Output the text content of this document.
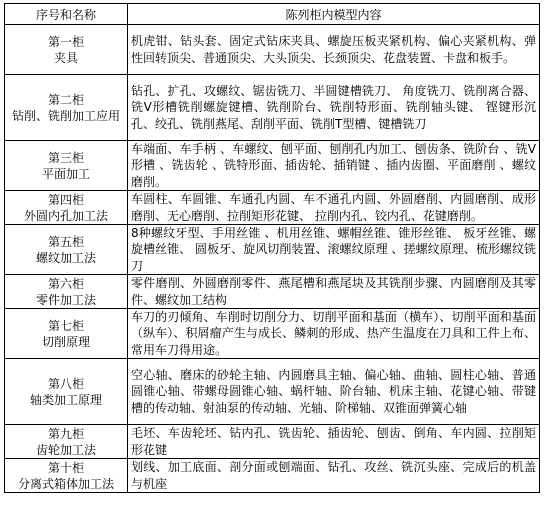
序号和名称	陈列柜内模型内容

第一柜
夹具	机虎钳、钻头套、固定式钻床夹具、螺旋压板夹紧机构、偏心夹紧机构、弹性回转顶尖、普通顶尖、大头顶尖、长颈顶尖、花盘装置、卡盘和板手。

第二柜
钻削、铣削加工应用	钻孔、扩孔、攻螺纹、锯齿铣刀、半圆键槽铣刀、 角度铣刀、铣削离合器、铣V形槽铣削螺旋键槽、铣削阶台、铣削特形面、铣削轴头键、 铿键形沉孔、绞孔、铣削燕尾、刮削平面、铣削T型槽、键槽铣刀

第三柜
平面加工	车端面、车手柄 、车螺纹、刨平面、刨削孔内加工、刨齿条、铣阶台 、铣V形槽 、铣齿轮 、铣特形面、插齿轮、插销键 、插内齿圈、平面磨削 、螺纹磨削。

第四柜
外圆内孔加工法	车圆柱、车圆锥、车通孔内圆、车不通孔内圆、外圆磨削、内圆磨削、成形磨削、无心磨削、拉削矩形花键、 拉削内孔、铰内孔、花键磨削。

第五柜
螺纹加工法	8种螺纹牙型、手用丝锥 、机用丝锥、螺帽丝锥、锥形丝锥、 板牙丝锥、螺旋槽丝锥、 圆板牙、旋风切削装置、滚螺纹原理 、搓螺纹原理、梳形螺纹铣刀

第六柜
零件加工法	零件磨削、外圆磨削零件、燕尾槽和燕尾块及其铣削步骤、内圆磨削及其零件、螺纹加工结构

第七柜
切削原理	车刀的刃倾角、车削时切削分力、切削平面和基面（横车）、切削平面和基面（纵车）、积屑瘤产生与成长、鳞刺的形成、热产生温度在刀具和工件上布、常用车刀得用途。

第八柜
轴类加工原理	空心轴、磨床的砂轮主轴、内圆磨具主轴、偏心轴、曲轴、圆柱心轴、普通圆锥心轴、带螺母圆锥心轴、蜗杆轴、阶台轴、机床主轴、花键心轴、带键槽的传动轴、射油泵的传动轴、光轴、阶梯轴、双锥面弹簧心轴

第九柜
齿轮加工法	毛坯、车齿轮坯、钻内孔、铣齿轮、插齿轮、刨齿、倒角、车内圆、拉削矩形花键

第十柜
分离式箱体加工法	划线、加工底面、剖分面或刨端面、钻孔、攻丝、铣沉头座、完成后的机盖与机座
